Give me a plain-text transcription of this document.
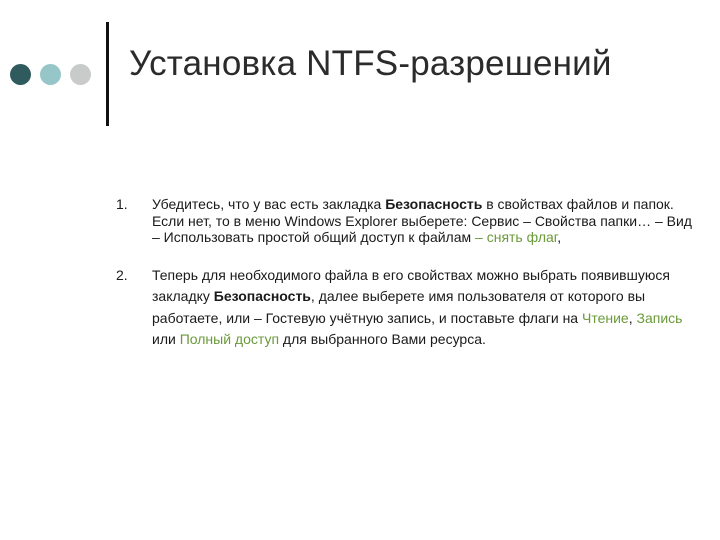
Установка NTFS-разрешений
1.	Убедитесь, что у вас есть закладка Безопасность в свойствах файлов и папок. Если нет, то в меню Windows Explorer выберете: Сервис – Свойства папки… – Вид – Использовать простой общий доступ к файлам – снять флаг,
2.	Теперь для необходимого файла в его свойствах можно выбрать появившуюся закладку Безопасность, далее выберете имя пользователя от которого вы работаете, или – Гостевую учётную запись, и поставьте флаги на Чтение, Запись или Полный доступ для выбранного Вами ресурса.
